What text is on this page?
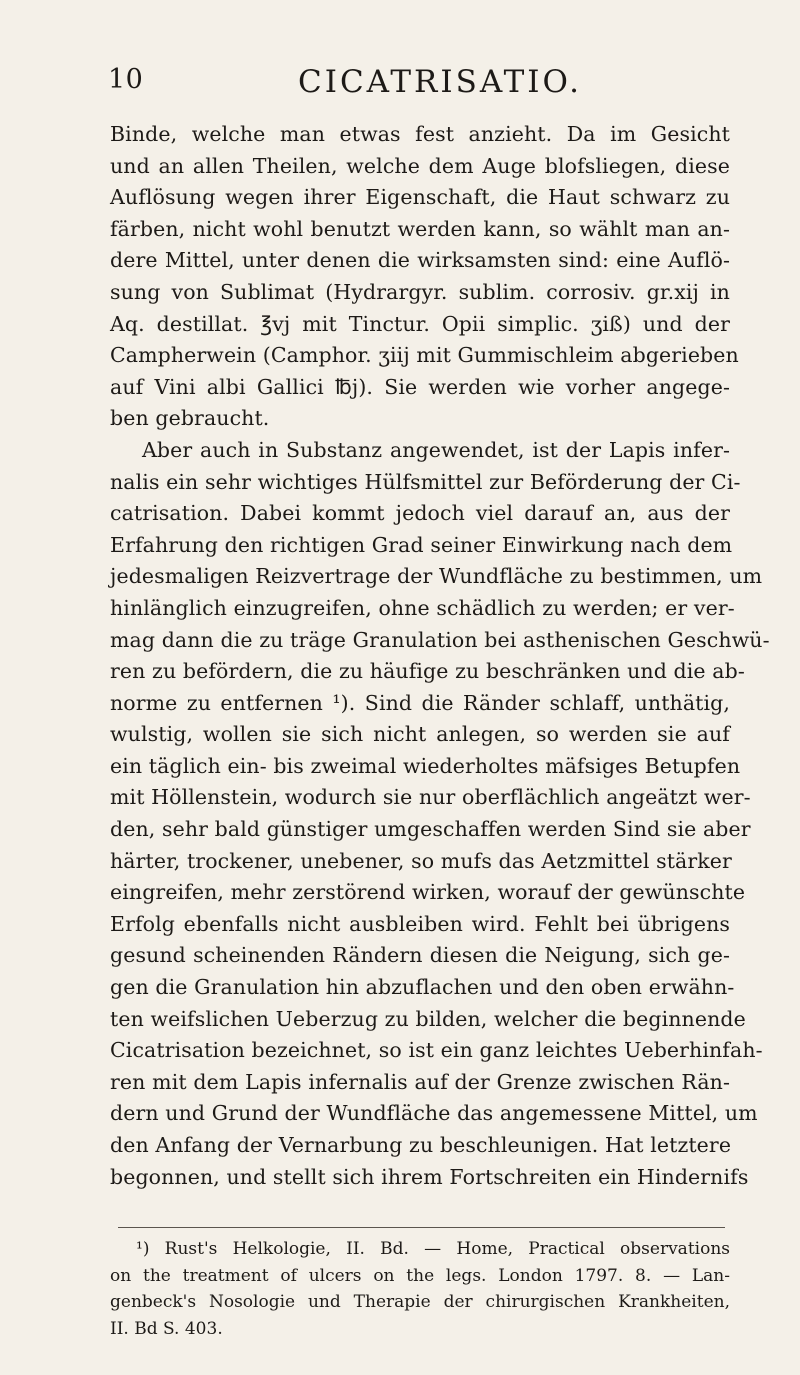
10	CICATRISATIO.
Binde, welche man etwas fest anzieht. Da im Gesicht
und an allen Theilen, welche dem Auge blofsliegen, diese
Auflösung wegen ihrer Eigenschaft, die Haut schwarz zu
färben, nicht wohl benutzt werden kann, so wählt man an-
dere Mittel, unter denen die wirksamsten sind: eine Auflö-
sung von Sublimat (Hydrargyr. sublim. corrosiv. gr.xij in
Aq. destillat. ℥vj mit Tinctur. Opii simplic. ʒiß) und der
Campherwein (Camphor. ʒiij mit Gummischleim abgerieben
auf Vini albi Gallici ℔j). Sie werden wie vorher angege-
ben gebraucht.
Aber auch in Substanz angewendet, ist der Lapis infer-
nalis ein sehr wichtiges Hülfsmittel zur Beförderung der Ci-
catrisation. Dabei kommt jedoch viel darauf an, aus der
Erfahrung den richtigen Grad seiner Einwirkung nach dem
jedesmaligen Reizvertrage der Wundfläche zu bestimmen, um
hinlänglich einzugreifen, ohne schädlich zu werden; er ver-
mag dann die zu träge Granulation bei asthenischen Geschwü-
ren zu befördern, die zu häufige zu beschränken und die ab-
norme zu entfernen ¹). Sind die Ränder schlaff, unthätig,
wulstig, wollen sie sich nicht anlegen, so werden sie auf
ein täglich ein- bis zweimal wiederholtes mäfsiges Betupfen
mit Höllenstein, wodurch sie nur oberflächlich angeätzt wer-
den, sehr bald günstiger umgeschaffen werden Sind sie aber
härter, trockener, unebener, so mufs das Aetzmittel stärker
eingreifen, mehr zerstörend wirken, worauf der gewünschte
Erfolg ebenfalls nicht ausbleiben wird. Fehlt bei übrigens
gesund scheinenden Rändern diesen die Neigung, sich ge-
gen die Granulation hin abzuflachen und den oben erwähn-
ten weifslichen Ueberzug zu bilden, welcher die beginnende
Cicatrisation bezeichnet, so ist ein ganz leichtes Ueberhinfah-
ren mit dem Lapis infernalis auf der Grenze zwischen Rän-
dern und Grund der Wundfläche das angemessene Mittel, um
den Anfang der Vernarbung zu beschleunigen. Hat letztere
begonnen, und stellt sich ihrem Fortschreiten ein Hindernifs
¹) Rust's Helkologie, II. Bd. — Home, Practical observations
on the treatment of ulcers on the legs. London 1797. 8. — Lan-
genbeck's Nosologie und Therapie der chirurgischen Krankheiten,
II. Bd S. 403.
